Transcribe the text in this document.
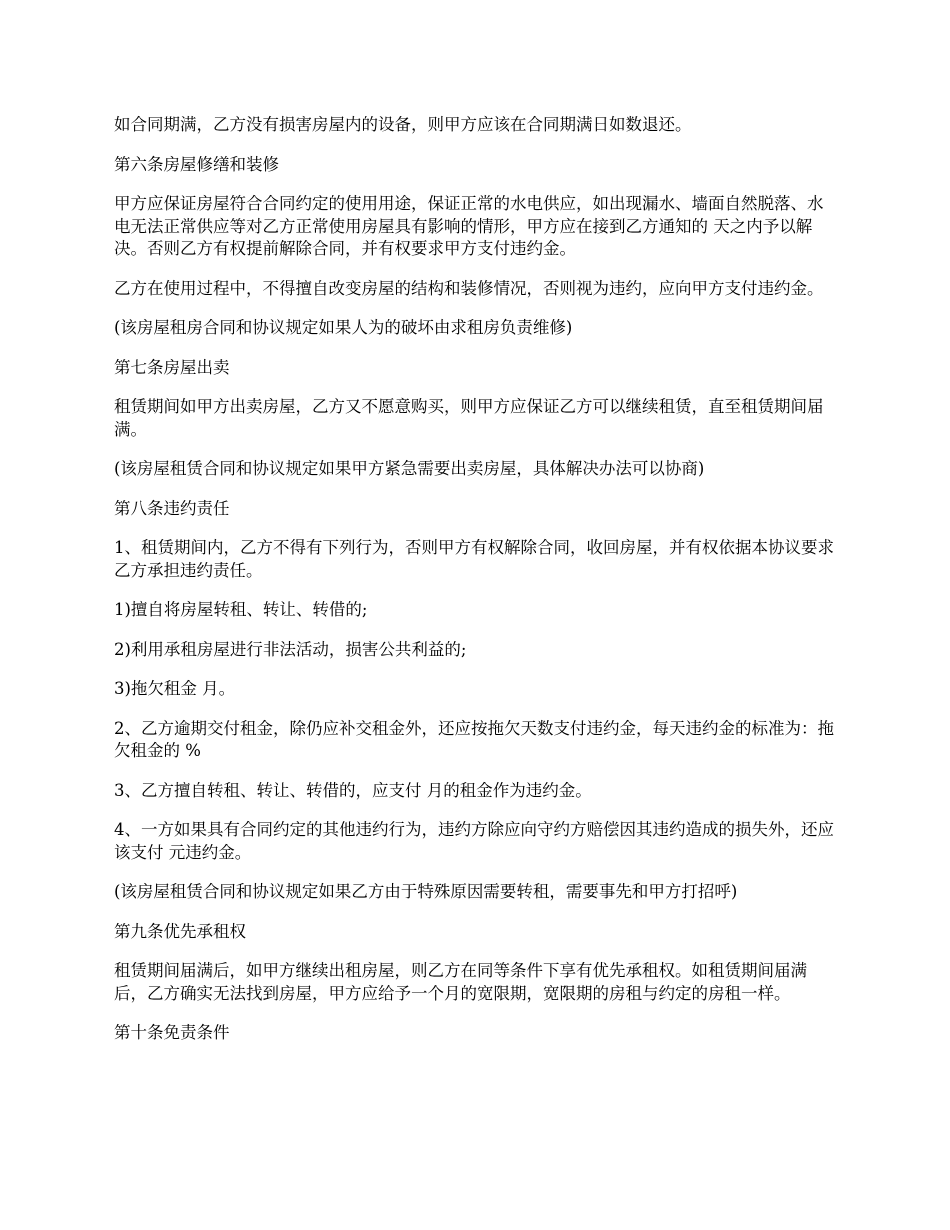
如合同期满，乙方没有损害房屋内的设备，则甲方应该在合同期满日如数退还。

第六条房屋修缮和装修

甲方应保证房屋符合合同约定的使用用途，保证正常的水电供应，如出现漏水、墙面自然脱落、水电无法正常供应等对乙方正常使用房屋具有影响的情形，甲方应在接到乙方通知的 天之内予以解决。否则乙方有权提前解除合同，并有权要求甲方支付违约金。

乙方在使用过程中，不得擅自改变房屋的结构和装修情况，否则视为违约，应向甲方支付违约金。

(该房屋租房合同和协议规定如果人为的破坏由求租房负责维修)

第七条房屋出卖

租赁期间如甲方出卖房屋，乙方又不愿意购买，则甲方应保证乙方可以继续租赁，直至租赁期间届满。

(该房屋租赁合同和协议规定如果甲方紧急需要出卖房屋，具体解决办法可以协商)

第八条违约责任

1、租赁期间内，乙方不得有下列行为，否则甲方有权解除合同，收回房屋，并有权依据本协议要求乙方承担违约责任。

1)擅自将房屋转租、转让、转借的;

2)利用承租房屋进行非法活动，损害公共利益的;

3)拖欠租金 月。

2、乙方逾期交付租金，除仍应补交租金外，还应按拖欠天数支付违约金，每天违约金的标准为：拖欠租金的 %

3、乙方擅自转租、转让、转借的，应支付 月的租金作为违约金。

4、一方如果具有合同约定的其他违约行为，违约方除应向守约方赔偿因其违约造成的损失外，还应该支付 元违约金。

(该房屋租赁合同和协议规定如果乙方由于特殊原因需要转租，需要事先和甲方打招呼)

第九条优先承租权

租赁期间届满后，如甲方继续出租房屋，则乙方在同等条件下享有优先承租权。如租赁期间届满后，乙方确实无法找到房屋，甲方应给予一个月的宽限期，宽限期的房租与约定的房租一样。

第十条免责条件
